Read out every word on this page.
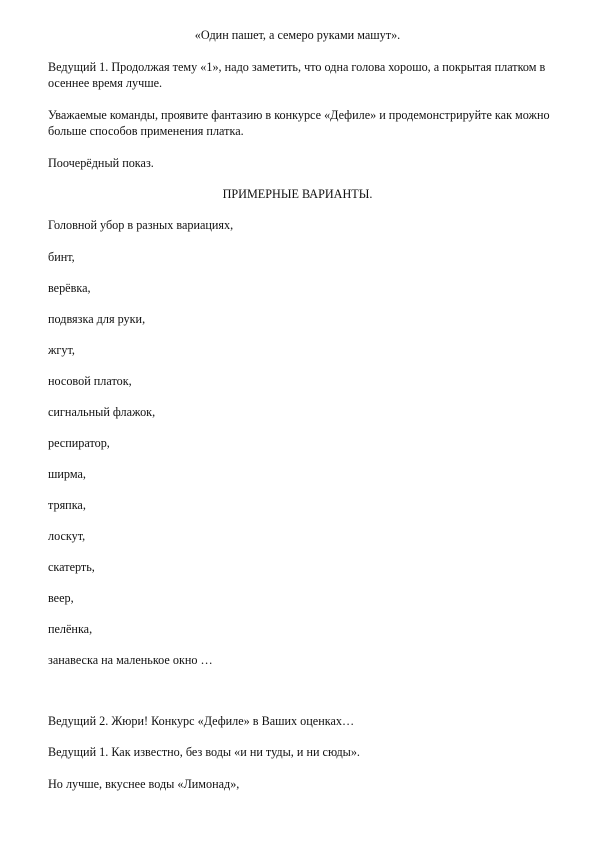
«Один пашет, а семеро руками машут».
Ведущий 1. Продолжая тему «1», надо заметить, что одна голова хорошо, а покрытая платком в осеннее время лучше.
Уважаемые команды, проявите фантазию в конкурсе «Дефиле» и продемонстрируйте как можно больше способов применения платка.
Поочерёдный показ.
ПРИМЕРНЫЕ ВАРИАНТЫ.
Головной убор в разных вариациях,
бинт,
верёвка,
подвязка для руки,
жгут,
носовой платок,
сигнальный флажок,
респиратор,
ширма,
тряпка,
лоскут,
скатерть,
веер,
пелёнка,
занавеска на маленькое окно …
Ведущий 2. Жюри! Конкурс «Дефиле» в Ваших оценках…
Ведущий 1. Как известно, без воды «и ни туды, и ни сюды».
Но лучше, вкуснее воды «Лимонад»,
